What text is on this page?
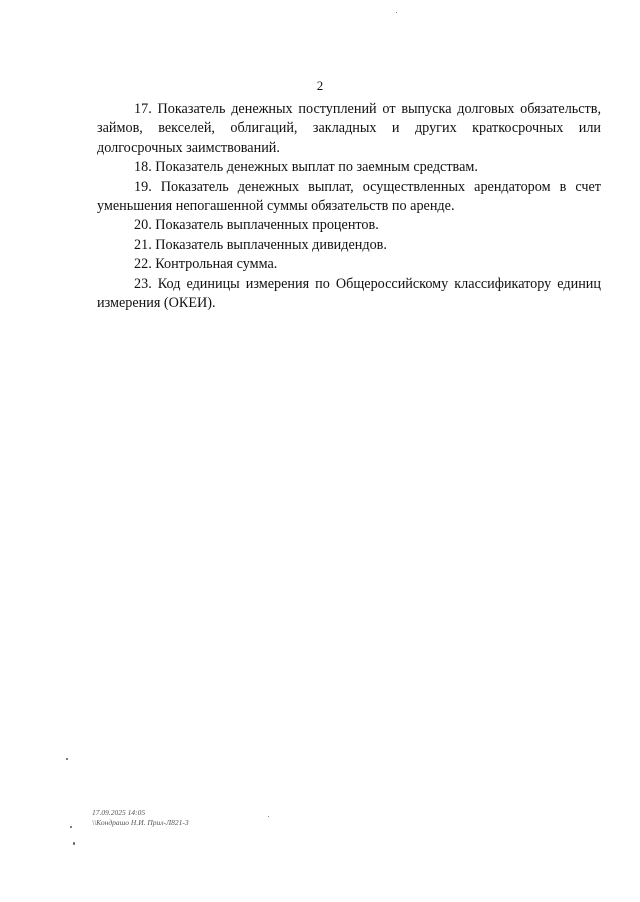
2

17. Показатель денежных поступлений от выпуска долговых обязательств, займов, векселей, облигаций, закладных и других краткосрочных или долгосрочных заимствований.

18. Показатель денежных выплат по заемным средствам.

19. Показатель денежных выплат, осуществленных арендатором в счет уменьшения непогашенной суммы обязательств по аренде.

20. Показатель выплаченных процентов.

21. Показатель выплаченных дивидендов.

22. Контрольная сумма.

23. Код единицы измерения по Общероссийскому классификатору единиц измерения (ОКЕИ).

17.09.2025 14:05
\\Кондрашо Н.И. Прил-Л821-3
